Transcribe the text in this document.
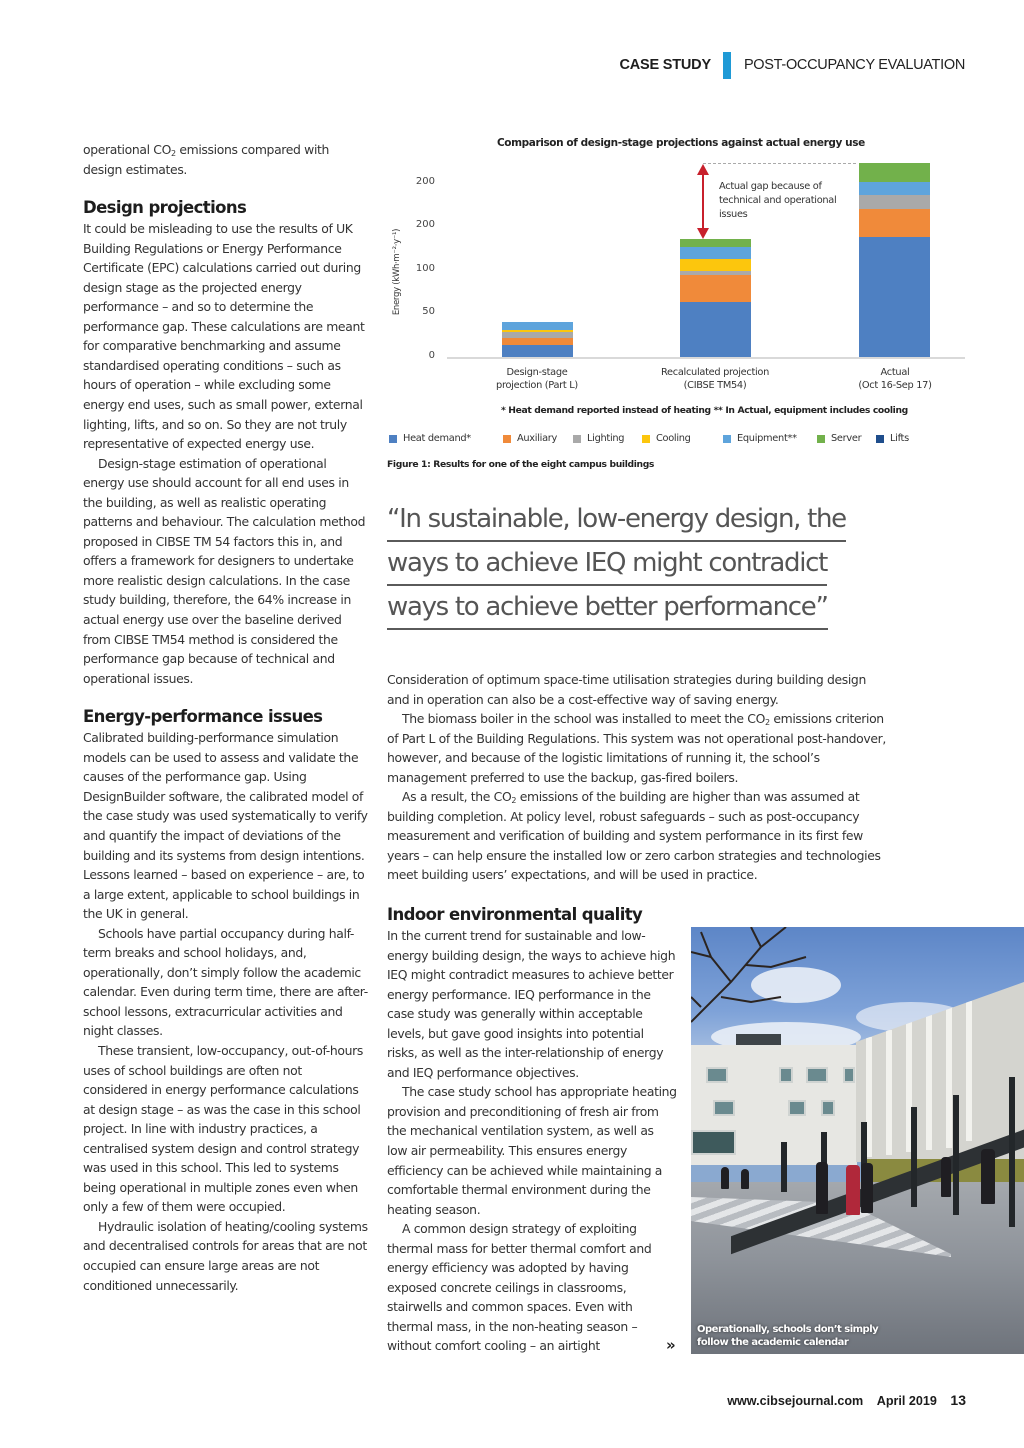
CASE STUDY POST-OCCUPANCY EVALUATION

operational $CO_2$ emissions compared with design estimates.

Design projections

It could be misleading to use the results of UK Building Regulations or Energy Performance Certificate (EPC) calculations carried out during design stage as the projected energy performance – and so to determine the performance gap. These calculations are meant for comparative benchmarking and assume standardised operating conditions – such as hours of operation – while excluding some energy end uses, such as small power, external lighting, lifts, and so on. So they are not truly representative of expected energy use.

Design-stage estimation of operational energy use should account for all end uses in the building, as well as realistic operating patterns and behaviour. The calculation method proposed in CIBSE TM 54 factors this in, and offers a framework for designers to undertake more realistic design calculations. In the case study building, therefore, the 64% increase in actual energy use over the baseline derived from CIBSE TM54 method is considered the performance gap because of technical and operational issues.

Energy-performance issues

Calibrated building-performance simulation models can be used to assess and validate the causes of the performance gap. Using DesignBuilder software, the calibrated model of the case study was used systematically to verify and quantify the impact of deviations of the building and its systems from design intentions. Lessons learned – based on experience – are, to a large extent, applicable to school buildings in the UK in general.

Schools have partial occupancy during half-term breaks and school holidays, and, operationally, don’t simply follow the academic calendar. Even during term time, there are after-school lessons, extracurricular activities and night classes.

These transient, low-occupancy, out-of-hours uses of school buildings are often not considered in energy performance calculations at design stage – as was the case in this school project. In line with industry practices, a centralised system design and control strategy was used in this school. This led to systems being operational in multiple zones even when only a few of them were occupied.

Hydraulic isolation of heating/cooling systems and decentralised controls for areas that are not occupied can ensure large areas are not conditioned unnecessarily.

Comparison of design-stage projections against actual energy use
Energy (kWh·m⁻²·y⁻¹)
200
200
100
50
0
Design-stage
projection (Part L)
Recalculated projection
(CIBSE TM54)
Actual
(Oct 16-Sep 17)
Actual gap because of technical and operational issues
* Heat demand reported instead of heating ** In Actual, equipment includes cooling
Heat demand*	Auxiliary	Lighting	Cooling	Equipment**	Server	Lifts
Figure 1: Results for one of the eight campus buildings
“In sustainable, low-energy design, the
ways to achieve IEQ might contradict
ways to achieve better performance”

Consideration of optimum space-time utilisation strategies during building design and in operation can also be a cost-effective way of saving energy.

The biomass boiler in the school was installed to meet the $CO_2$ emissions criterion of Part L of the Building Regulations. This system was not operational post-handover, however, and because of the logistic limitations of running it, the school’s management preferred to use the backup, gas-fired boilers.

As a result, the $CO_2$ emissions of the building are higher than was assumed at building completion. At policy level, robust safeguards – such as post-occupancy measurement and verification of building and system performance in its first few years – can help ensure the installed low or zero carbon strategies and technologies meet building users’ expectations, and will be used in practice.

Indoor environmental quality

In the current trend for sustainable and low-energy building design, the ways to achieve high IEQ might contradict measures to achieve better energy performance. IEQ performance in the case study was generally within acceptable levels, but gave good insights into potential risks, as well as the inter-relationship of energy and IEQ performance objectives.

The case study school has appropriate heating provision and preconditioning of fresh air from the mechanical ventilation system, as well as low air permeability. This ensures energy efficiency can be achieved while maintaining a comfortable thermal environment during the heating season.

A common design strategy of exploiting thermal mass for better thermal comfort and energy efficiency was adopted by having exposed concrete ceilings in classrooms, stairwells and common spaces. Even with thermal mass, in the non-heating season – without comfort cooling – an airtight	»
Operationally, schools don’t simply
follow the academic calendar
www.cibsejournal.com April 2019 13
